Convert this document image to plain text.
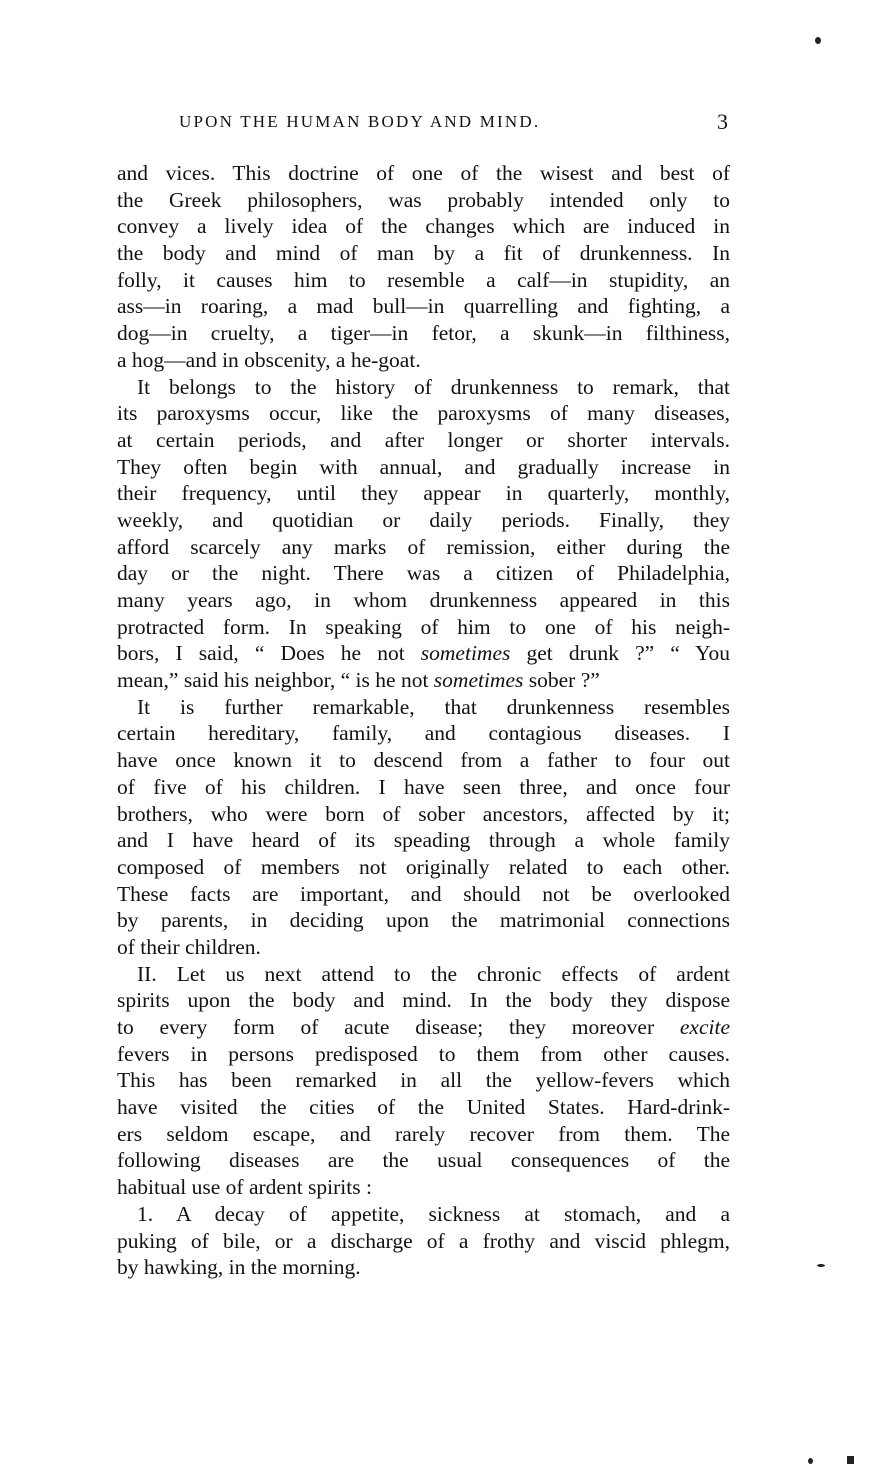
UPON THE HUMAN BODY AND MIND.	3
and vices. This doctrine of one of the wisest and best of
the Greek philosophers, was probably intended only to
convey a lively idea of the changes which are induced in
the body and mind of man by a fit of drunkenness. In
folly, it causes him to resemble a calf—in stupidity, an
ass—in roaring, a mad bull—in quarrelling and fighting, a
dog—in cruelty, a tiger—in fetor, a skunk—in filthiness,
a hog—and in obscenity, a he-goat.
It belongs to the history of drunkenness to remark, that
its paroxysms occur, like the paroxysms of many diseases,
at certain periods, and after longer or shorter intervals.
They often begin with annual, and gradually increase in
their frequency, until they appear in quarterly, monthly,
weekly, and quotidian or daily periods. Finally, they
afford scarcely any marks of remission, either during the
day or the night. There was a citizen of Philadelphia,
many years ago, in whom drunkenness appeared in this
protracted form. In speaking of him to one of his neigh-
bors, I said, “ Does he not sometimes get drunk ?” “ You
mean,” said his neighbor, “ is he not sometimes sober ?”
It is further remarkable, that drunkenness resembles
certain hereditary, family, and contagious diseases. I
have once known it to descend from a father to four out
of five of his children. I have seen three, and once four
brothers, who were born of sober ancestors, affected by it;
and I have heard of its speading through a whole family
composed of members not originally related to each other.
These facts are important, and should not be overlooked
by parents, in deciding upon the matrimonial connections
of their children.
II. Let us next attend to the chronic effects of ardent
spirits upon the body and mind. In the body they dispose
to every form of acute disease; they moreover excite
fevers in persons predisposed to them from other causes.
This has been remarked in all the yellow-fevers which
have visited the cities of the United States. Hard-drink-
ers seldom escape, and rarely recover from them. The
following diseases are the usual consequences of the
habitual use of ardent spirits :
1. A decay of appetite, sickness at stomach, and a
puking of bile, or a discharge of a frothy and viscid phlegm,
by hawking, in the morning.
